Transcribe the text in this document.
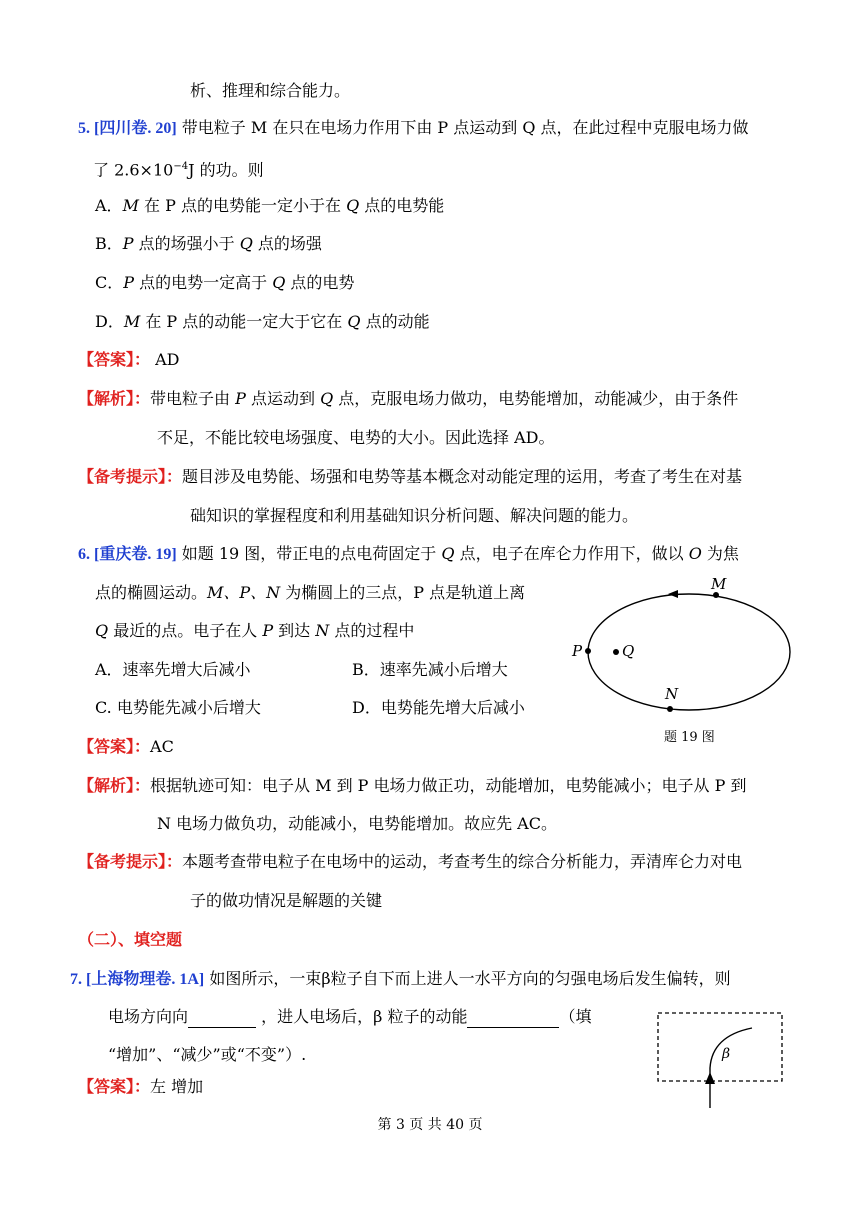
析、推理和综合能力。
5. [四川卷. 20] 带电粒子 M 在只在电场力作用下由 P 点运动到 Q 点，在此过程中克服电场力做
了 $2.6\times 10^{-4}J$ 的功。则
A．M 在 P 点的电势能一定小于在 Q 点的电势能
B．P 点的场强小于 Q 点的场强
C．P 点的电势一定高于 Q 点的电势
D．M 在 P 点的动能一定大于它在 Q 点的动能
【答案】： AD
【解析】：带电粒子由 P 点运动到 Q 点，克服电场力做功，电势能增加，动能减少，由于条件
不足，不能比较电场强度、电势的大小。因此选择 AD。
【备考提示】：题目涉及电势能、场强和电势等基本概念对动能定理的运用，考查了考生在对基
础知识的掌握程度和利用基础知识分析问题、解决问题的能力。
6. [重庆卷. 19] 如题 19 图，带正电的点电荷固定于 Q 点，电子在库仑力作用下，做以 O 为焦
点的椭圆运动。M、P、N 为椭圆上的三点，P 点是轨道上离
Q 最近的点。电子在人 P 到达 N 点的过程中
A．速率先增大后减小	B．速率先减小后增大
C. 电势能先减小后增大	D．电势能先增大后减小
M
P	Q
N
题 19 图
【答案】：AC
【解析】：根据轨迹可知：电子从 M 到 P 电场力做正功，动能增加，电势能减小；电子从 P 到
N 电场力做负功，动能减小，电势能增加。故应先 AC。
【备考提示】：本题考查带电粒子在电场中的运动，考查考生的综合分析能力，弄清库仑力对电
子的做功情况是解题的关键
（二）、填空题
7. [上海物理卷. 1A] 如图所示，一束β粒子自下而上进人一水平方向的匀强电场后发生偏转，则
电场方向向	，进人电场后，β 粒子的动能	（填
“增加”、“减少”或“不变”）.	β
【答案】：左 增加
第 3 页 共 40 页
